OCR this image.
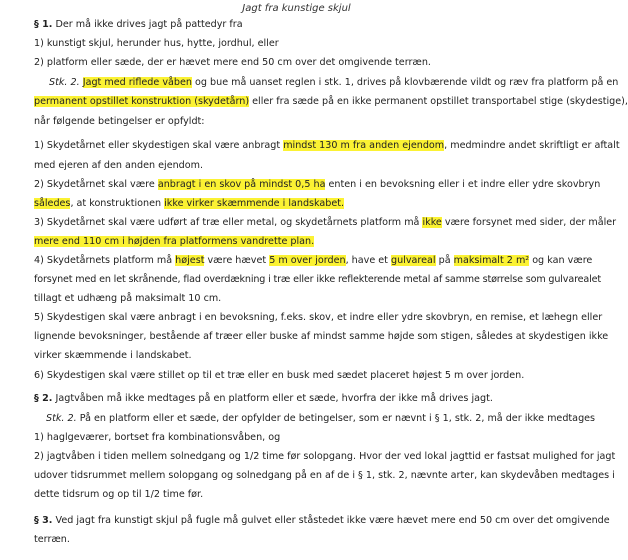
Jagt fra kunstige skjul
§ 1. Der må ikke drives jagt på pattedyr fra
1) kunstigt skjul, herunder hus, hytte, jordhul, eller
2) platform eller sæde, der er hævet mere end 50 cm over det omgivende terræn.
Stk. 2. Jagt med riflede våben og bue må uanset reglen i stk. 1, drives på klovbærende vildt og ræv fra platform på en
permanent opstillet konstruktion (skydetårn) eller fra sæde på en ikke permanent opstillet transportabel stige (skydestige),
når følgende betingelser er opfyldt:
1) Skydetårnet eller skydestigen skal være anbragt mindst 130 m fra anden ejendom, medmindre andet skriftligt er aftalt
med ejeren af den anden ejendom.
2) Skydetårnet skal være anbragt i en skov på mindst 0,5 ha enten i en bevoksning eller i et indre eller ydre skovbryn
således, at konstruktionen ikke virker skæmmende i landskabet.
3) Skydetårnet skal være udført af træ eller metal, og skydetårnets platform må ikke være forsynet med sider, der måler
mere end 110 cm i højden fra platformens vandrette plan.
4) Skydetårnets platform må højest være hævet 5 m over jorden, have et gulvareal på maksimalt 2 m² og kan være
forsynet med en let skrånende, flad overdækning i træ eller ikke reflekterende metal af samme størrelse som gulvarealet
tillagt et udhæng på maksimalt 10 cm.
5) Skydestigen skal være anbragt i en bevoksning, f.eks. skov, et indre eller ydre skovbryn, en remise, et læhegn eller
lignende bevoksninger, bestående af træer eller buske af mindst samme højde som stigen, således at skydestigen ikke
virker skæmmende i landskabet.
6) Skydestigen skal være stillet op til et træ eller en busk med sædet placeret højest 5 m over jorden.
§ 2. Jagtvåben må ikke medtages på en platform eller et sæde, hvorfra der ikke må drives jagt.
Stk. 2. På en platform eller et sæde, der opfylder de betingelser, som er nævnt i § 1, stk. 2, må der ikke medtages
1) haglgeværer, bortset fra kombinationsvåben, og
2) jagtvåben i tiden mellem solnedgang og 1/2 time før solopgang. Hvor der ved lokal jagttid er fastsat mulighed for jagt
udover tidsrummet mellem solopgang og solnedgang på en af de i § 1, stk. 2, nævnte arter, kan skydevåben medtages i
dette tidsrum og op til 1/2 time før.
§ 3. Ved jagt fra kunstigt skjul på fugle må gulvet eller ståstedet ikke være hævet mere end 50 cm over det omgivende
terræn.
